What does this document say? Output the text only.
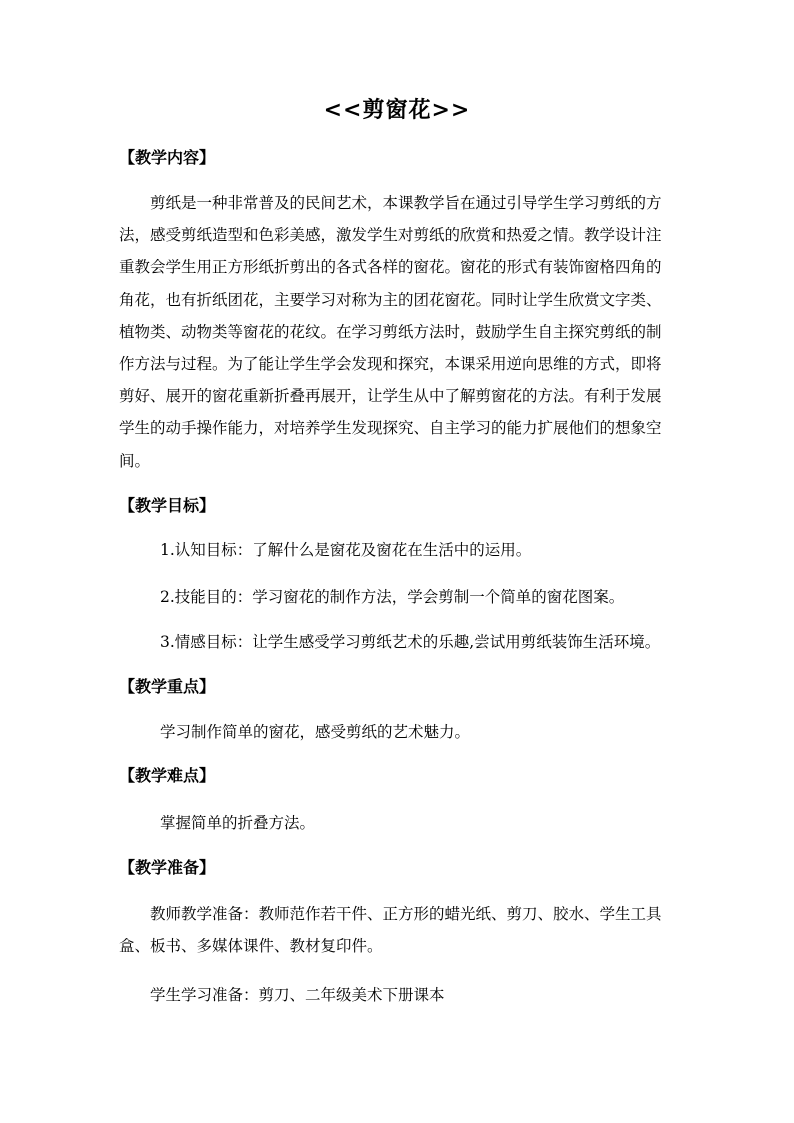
<<剪窗花>>
【教学内容】
剪纸是一种非常普及的民间艺术，本课教学旨在通过引导学生学习剪纸的方
法，感受剪纸造型和色彩美感，激发学生对剪纸的欣赏和热爱之情。教学设计注
重教会学生用正方形纸折剪出的各式各样的窗花。窗花的形式有装饰窗格四角的
角花，也有折纸团花，主要学习对称为主的团花窗花。同时让学生欣赏文字类、
植物类、动物类等窗花的花纹。在学习剪纸方法时，鼓励学生自主探究剪纸的制
作方法与过程。为了能让学生学会发现和探究，本课采用逆向思维的方式，即将
剪好、展开的窗花重新折叠再展开，让学生从中了解剪窗花的方法。有利于发展
学生的动手操作能力，对培养学生发现探究、自主学习的能力扩展他们的想象空
间。
【教学目标】
1.认知目标：了解什么是窗花及窗花在生活中的运用。
2.技能目的：学习窗花的制作方法，学会剪制一个简单的窗花图案。
3.情感目标：让学生感受学习剪纸艺术的乐趣,尝试用剪纸装饰生活环境。
【教学重点】
学习制作简单的窗花，感受剪纸的艺术魅力。
【教学难点】
掌握简单的折叠方法。
【教学准备】
教师教学准备：教师范作若干件、正方形的蜡光纸、剪刀、胶水、学生工具
盒、板书、多媒体课件、教材复印件。
学生学习准备：剪刀、二年级美术下册课本
